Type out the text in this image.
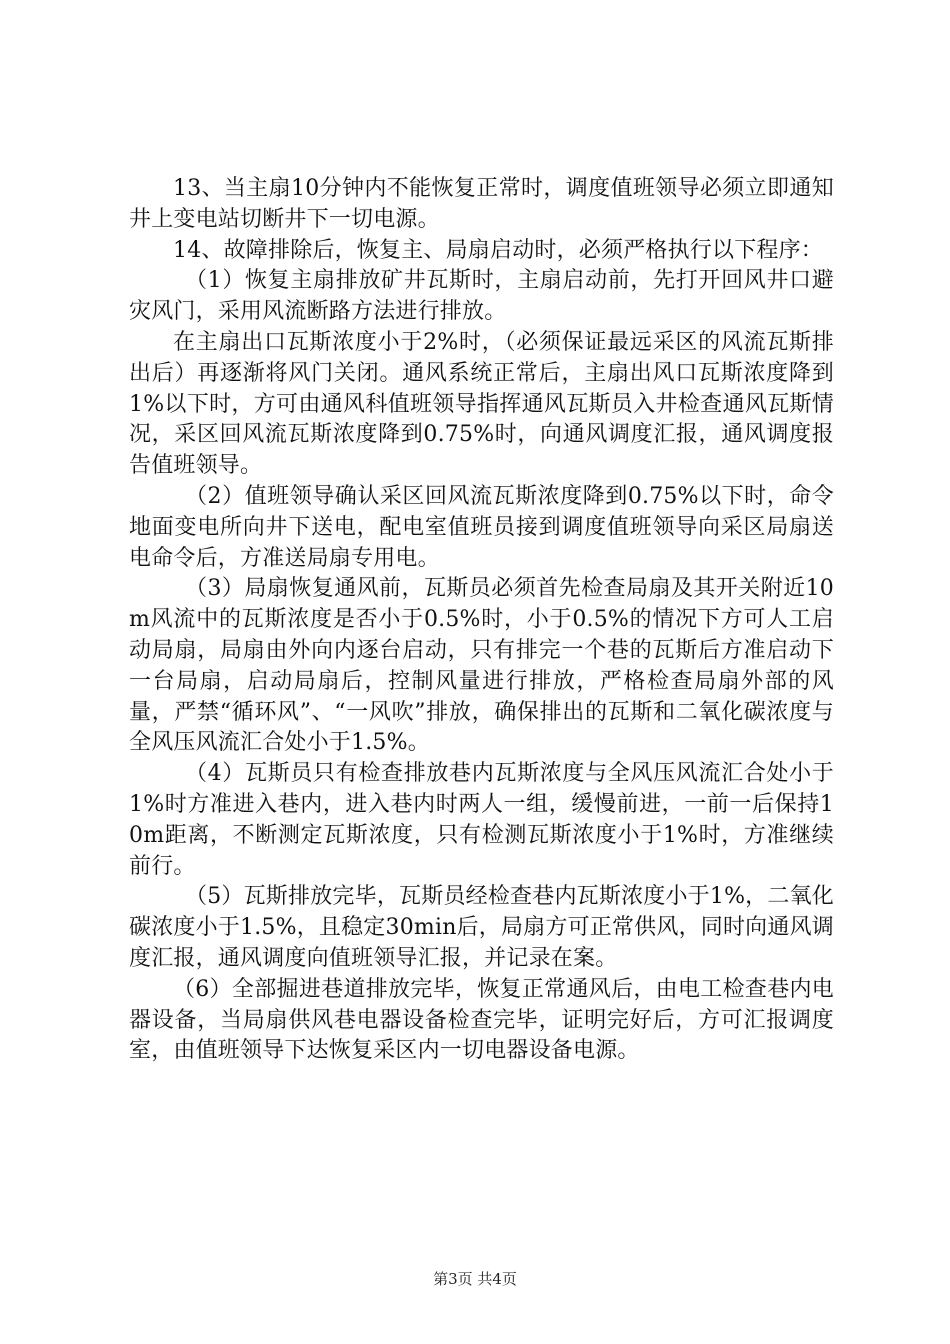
13、当主扇10分钟内不能恢复正常时，调度值班领导必须立即通知井上变电站切断井下一切电源。

14、故障排除后，恢复主、局扇启动时，必须严格执行以下程序：

（1）恢复主扇排放矿井瓦斯时，主扇启动前，先打开回风井口避灾风门，采用风流断路方法进行排放。

在主扇出口瓦斯浓度小于2%时，（必须保证最远采区的风流瓦斯排出后）再逐渐将风门关闭。通风系统正常后，主扇出风口瓦斯浓度降到1%以下时，方可由通风科值班领导指挥通风瓦斯员入井检查通风瓦斯情况，采区回风流瓦斯浓度降到0.75%时，向通风调度汇报，通风调度报告值班领导。

（2）值班领导确认采区回风流瓦斯浓度降到0.75%以下时，命令地面变电所向井下送电，配电室值班员接到调度值班领导向采区局扇送电命令后，方准送局扇专用电。

（3）局扇恢复通风前，瓦斯员必须首先检查局扇及其开关附近10m风流中的瓦斯浓度是否小于0.5%时，小于0.5%的情况下方可人工启动局扇，局扇由外向内逐台启动，只有排完一个巷的瓦斯后方准启动下一台局扇，启动局扇后，控制风量进行排放，严格检查局扇外部的风量，严禁“循环风”、“一风吹”排放，确保排出的瓦斯和二氧化碳浓度与全风压风流汇合处小于1.5%。

（4）瓦斯员只有检查排放巷内瓦斯浓度与全风压风流汇合处小于1%时方准进入巷内，进入巷内时两人一组，缓慢前进，一前一后保持10m距离，不断测定瓦斯浓度，只有检测瓦斯浓度小于1%时，方准继续前行。

（5）瓦斯排放完毕，瓦斯员经检查巷内瓦斯浓度小于1%，二氧化碳浓度小于1.5%，且稳定30min后，局扇方可正常供风，同时向通风调度汇报，通风调度向值班领导汇报，并记录在案。

（6）全部掘进巷道排放完毕，恢复正常通风后，由电工检查巷内电器设备，当局扇供风巷电器设备检查完毕，证明完好后，方可汇报调度室，由值班领导下达恢复采区内一切电器设备电源。

第3页 共4页
